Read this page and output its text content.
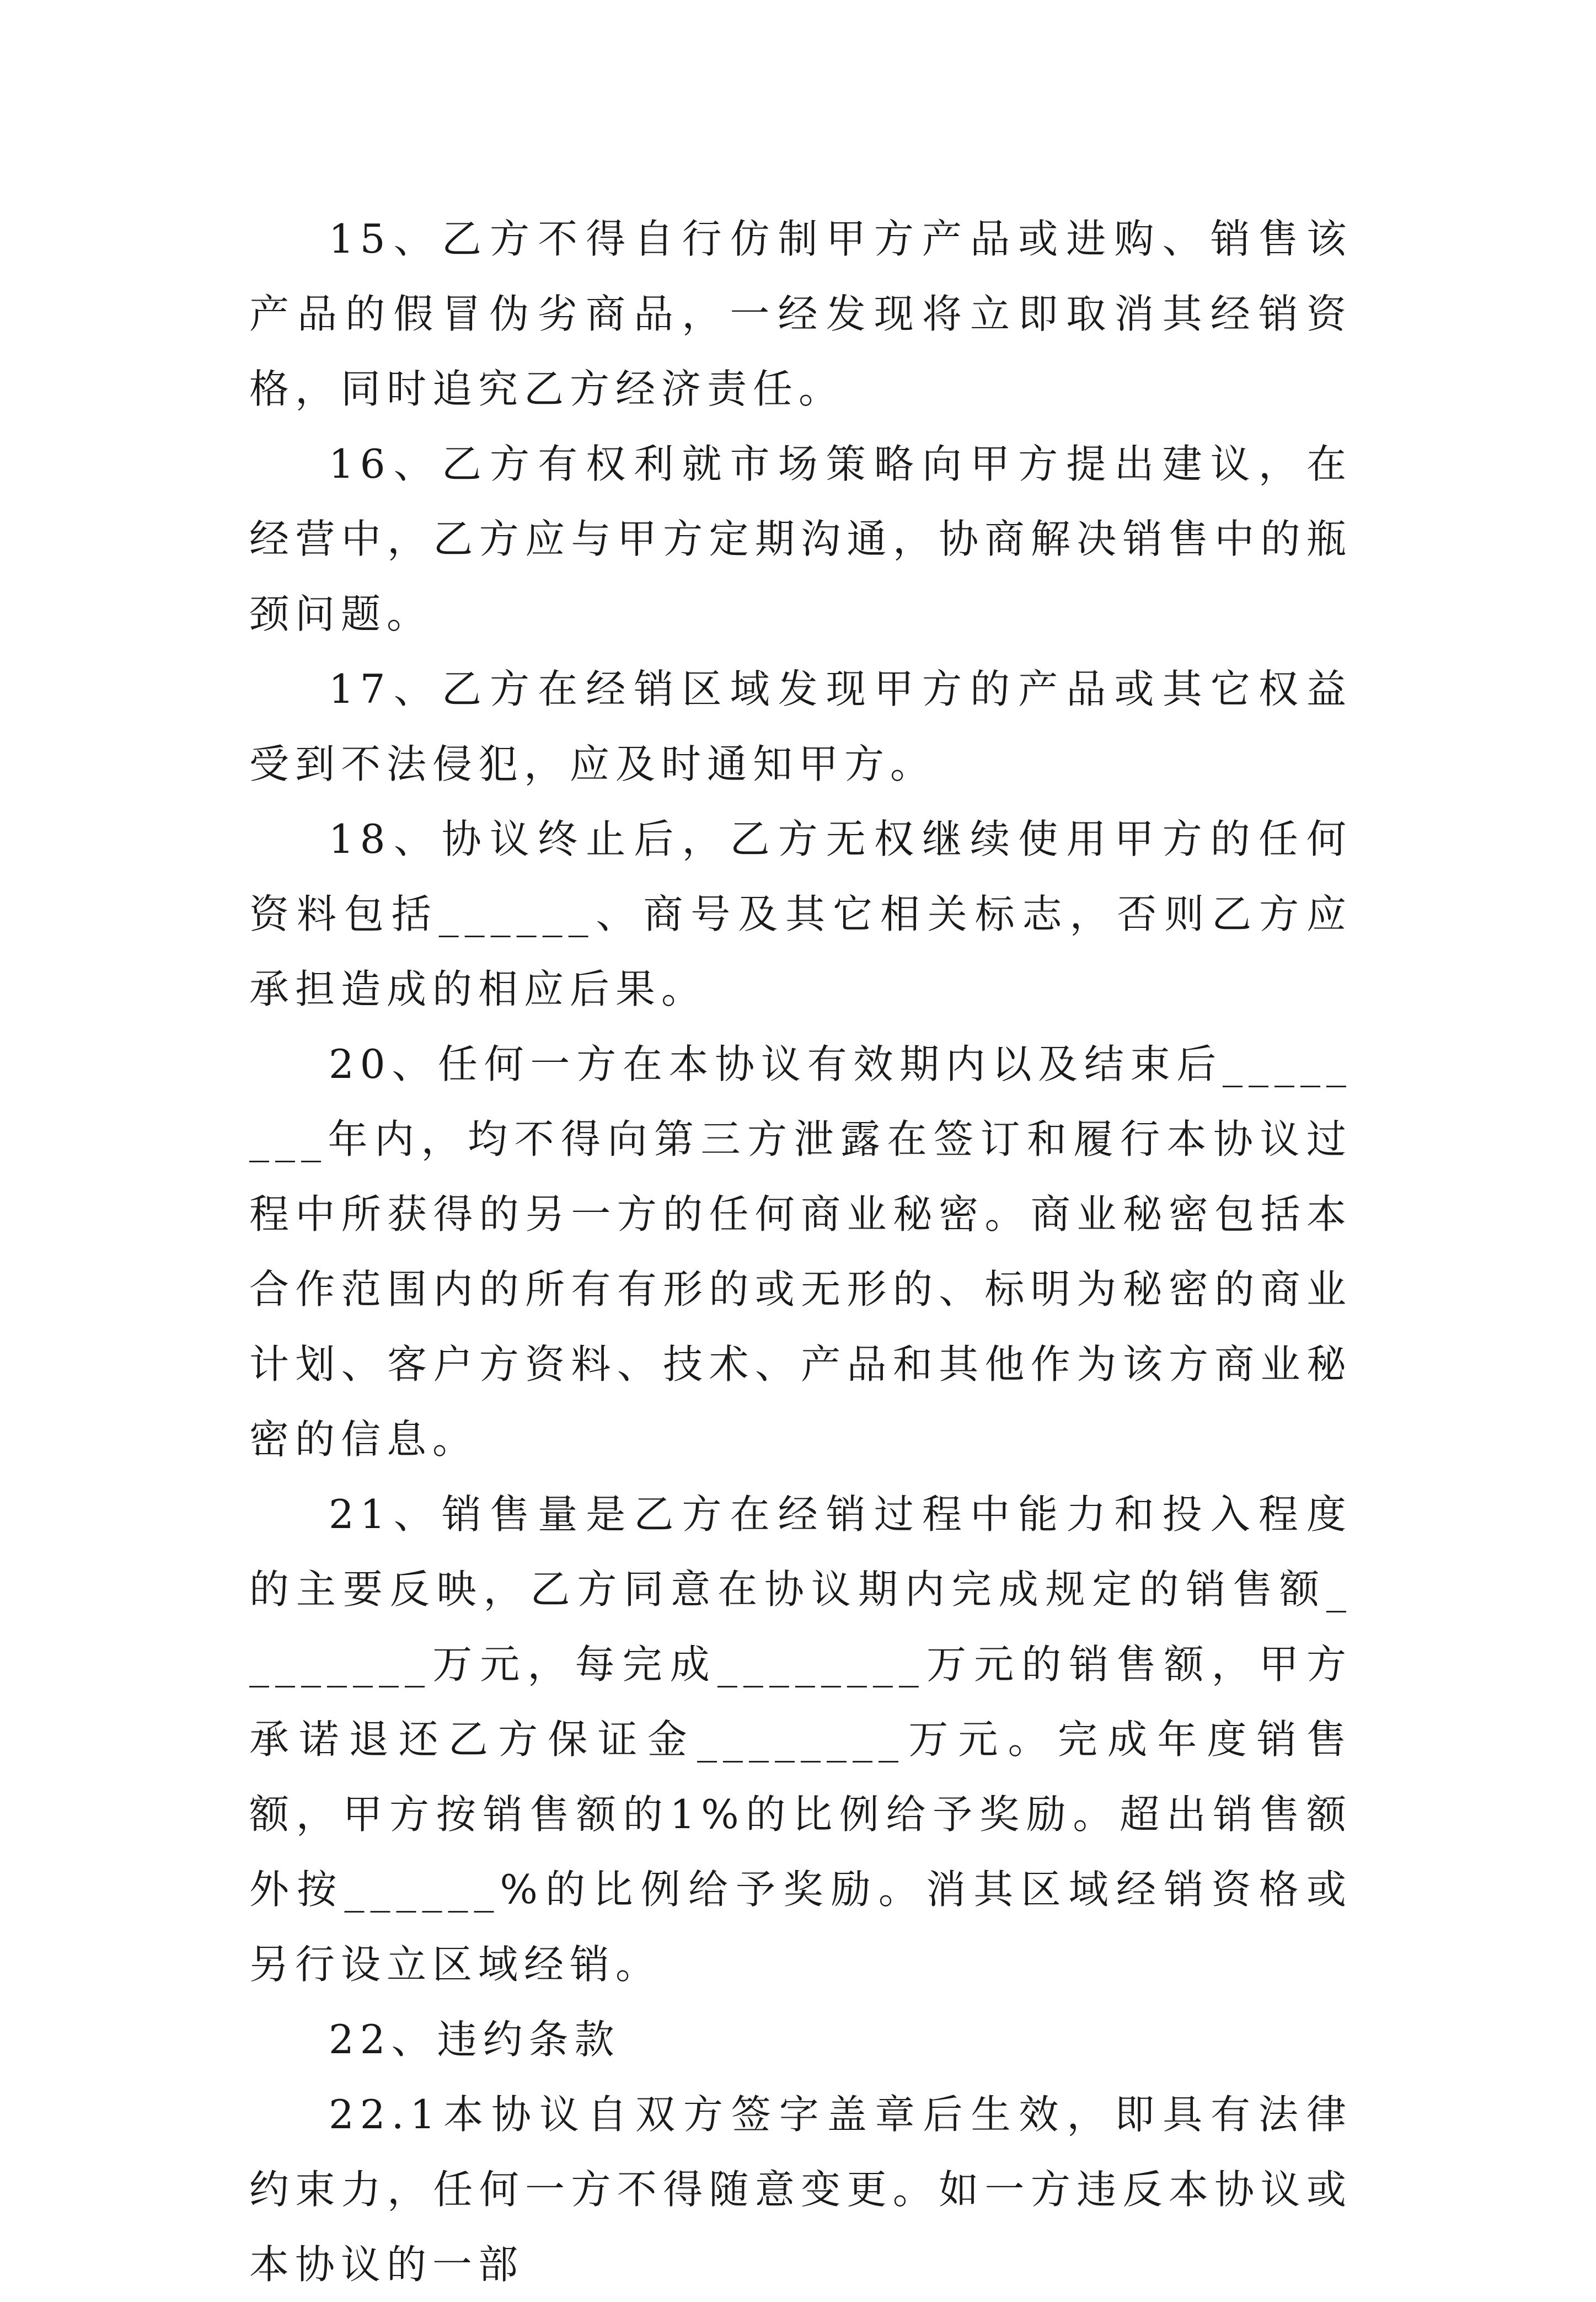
15、乙方不得自行仿制甲方产品或进购、销售该产品的假冒伪劣商品，一经发现将立即取消其经销资格，同时追究乙方经济责任。

16、乙方有权利就市场策略向甲方提出建议，在经营中，乙方应与甲方定期沟通，协商解决销售中的瓶颈问题。

17、乙方在经销区域发现甲方的产品或其它权益受到不法侵犯，应及时通知甲方。

18、协议终止后，乙方无权继续使用甲方的任何资料包括______、商号及其它相关标志，否则乙方应承担造成的相应后果。

20、任何一方在本协议有效期内以及结束后________年内，均不得向第三方泄露在签订和履行本协议过程中所获得的另一方的任何商业秘密。商业秘密包括本合作范围内的所有有形的或无形的、标明为秘密的商业计划、客户方资料、技术、产品和其他作为该方商业秘密的信息。

21、销售量是乙方在经销过程中能力和投入程度的主要反映，乙方同意在协议期内完成规定的销售额________万元，每完成________万元的销售额，甲方承诺退还乙方保证金________万元。完成年度销售额，甲方按销售额的1%的比例给予奖励。超出销售额外按______%的比例给予奖励。消其区域经销资格或另行设立区域经销。

22、违约条款

22.1本协议自双方签字盖章后生效，即具有法律约束力，任何一方不得随意变更。如一方违反本协议或本协议的一部
